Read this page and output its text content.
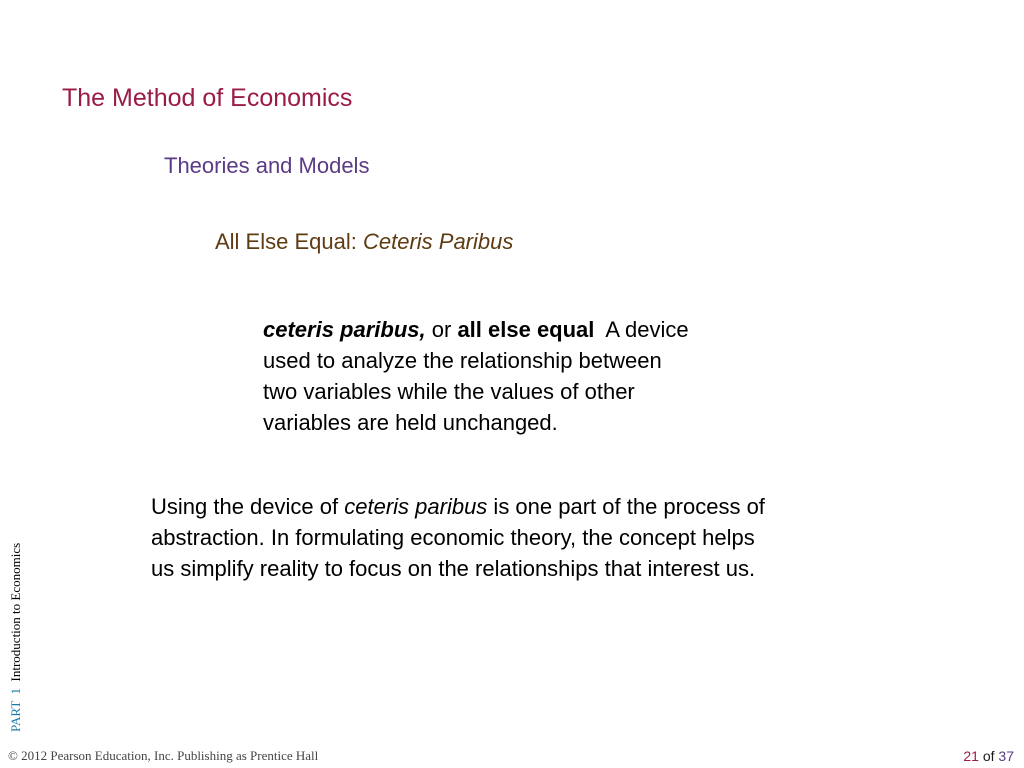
The Method of Economics
Theories and Models
All Else Equal: Ceteris Paribus
ceteris paribus, or all else equal  A device
used to analyze the relationship between
two variables while the values of other
variables are held unchanged.
Using the device of ceteris paribus is one part of the process of
abstraction. In formulating economic theory, the concept helps
us simplify reality to focus on the relationships that interest us.
PART  1  Introduction to Economics
© 2012 Pearson Education, Inc. Publishing as Prentice Hall	21 of 37
